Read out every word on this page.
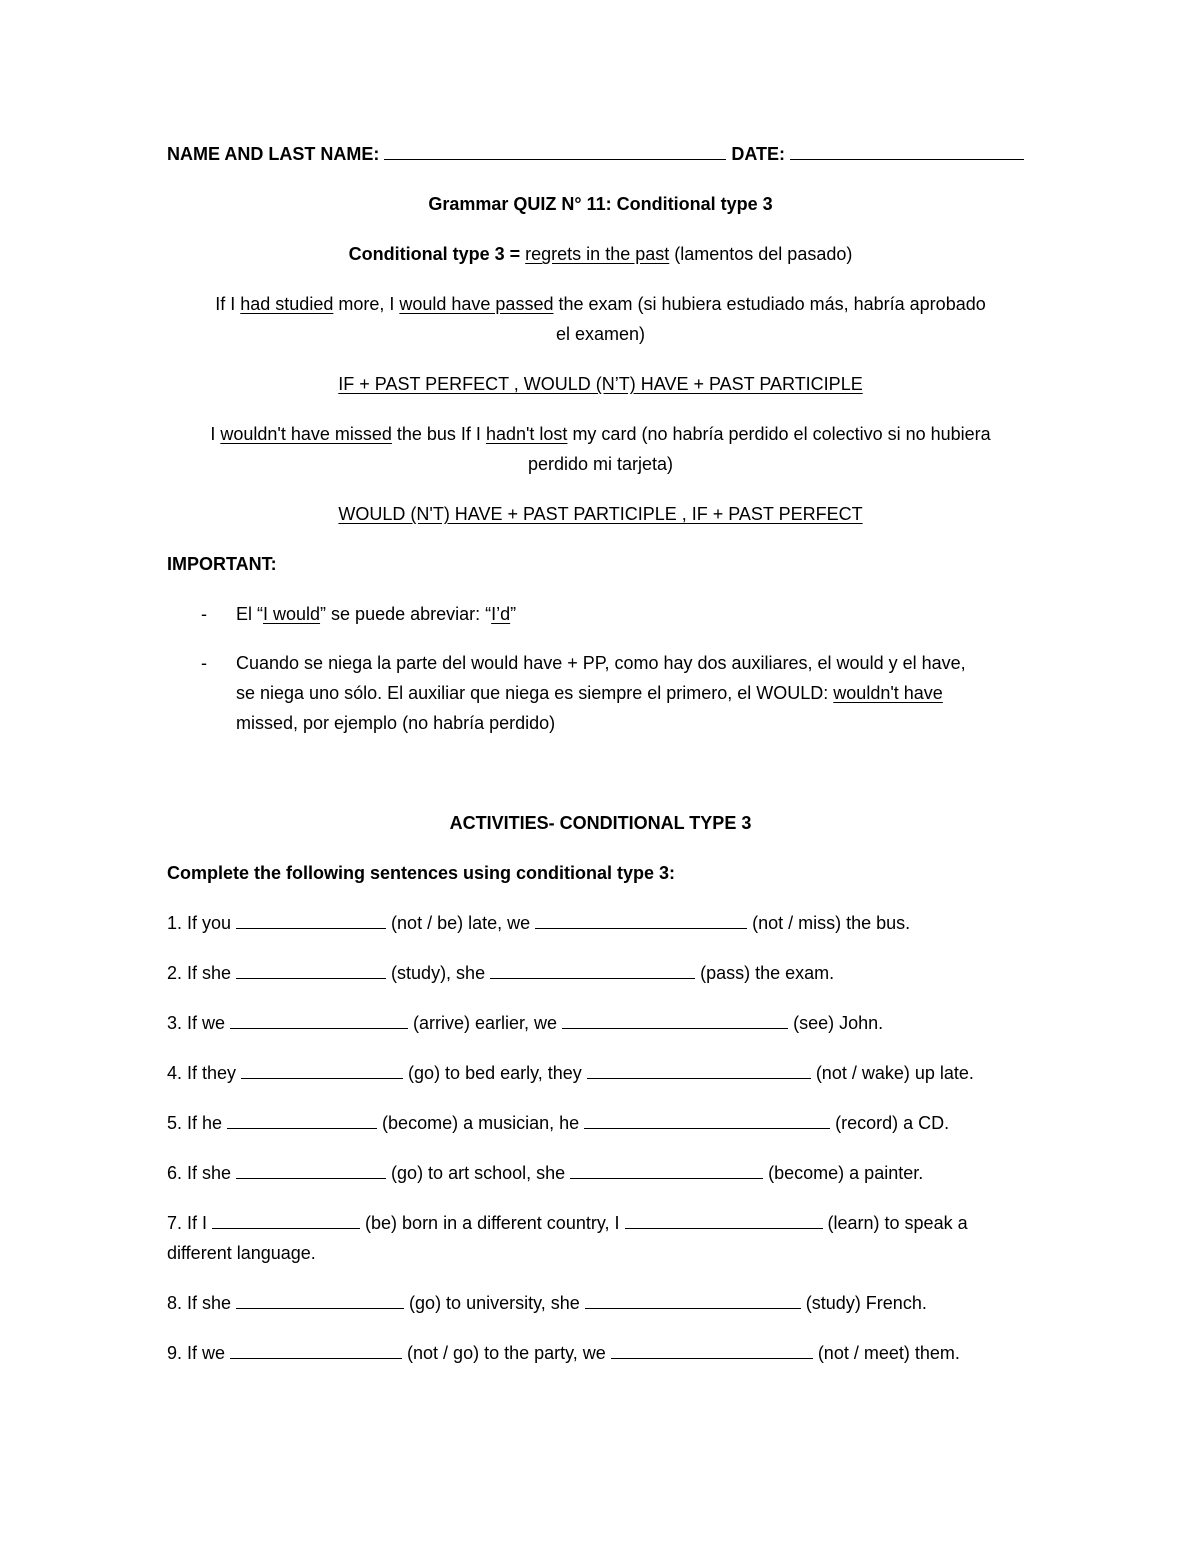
NAME AND LAST NAME:	DATE:
Grammar QUIZ N° 11: Conditional type 3
Conditional type 3 = regrets in the past (lamentos del pasado)
If I had studied more, I would have passed the exam (si hubiera estudiado más, habría aprobado
el examen)
IF + PAST PERFECT , WOULD (N’T) HAVE + PAST PARTICIPLE
I wouldn't have missed the bus If I hadn't lost my card (no habría perdido el colectivo si no hubiera
perdido mi tarjeta)
WOULD (N'T) HAVE + PAST PARTICIPLE , IF + PAST PERFECT
IMPORTANT:
- El “I would” se puede abreviar: “I’d”
- Cuando se niega la parte del would have + PP, como hay dos auxiliares, el would y el have,
se niega uno sólo. El auxiliar que niega es siempre el primero, el WOULD: wouldn't have
missed, por ejemplo (no habría perdido)
ACTIVITIES- CONDITIONAL TYPE 3
Complete the following sentences using conditional type 3:
1. If you	(not / be) late, we	(not / miss) the bus.
2. If she	(study), she	(pass) the exam.
3. If we	(arrive) earlier, we	(see) John.
4. If they	(go) to bed early, they	(not / wake) up late.
5. If he	(become) a musician, he	(record) a CD.
6. If she	(go) to art school, she	(become) a painter.
7. If I	(be) born in a different country, I	(learn) to speak a
different language.
8. If she	(go) to university, she	(study) French.
9. If we	(not / go) to the party, we	(not / meet) them.
